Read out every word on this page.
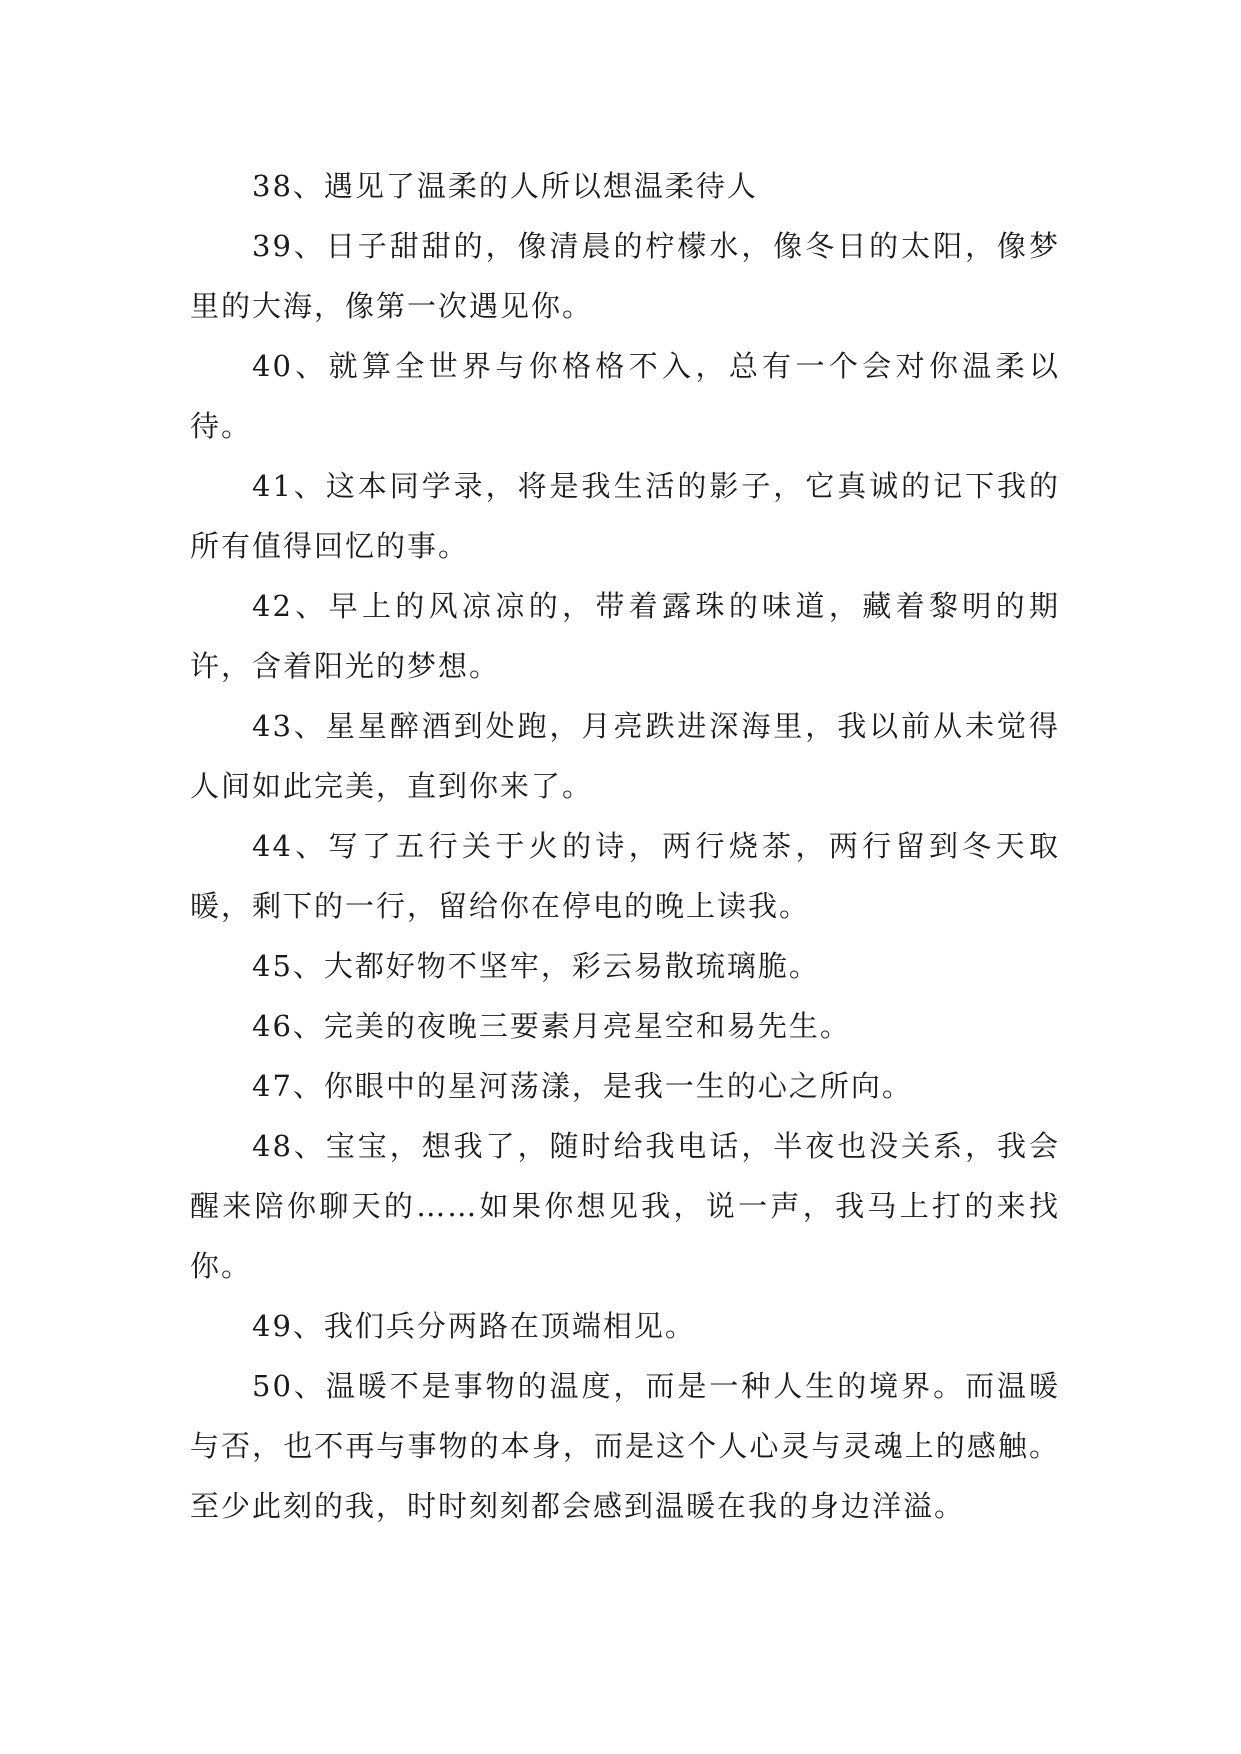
38、遇见了温柔的人所以想温柔待人

39、日子甜甜的，像清晨的柠檬水，像冬日的太阳，像梦里的大海，像第一次遇见你。

40、就算全世界与你格格不入，总有一个会对你温柔以待。

41、这本同学录，将是我生活的影子，它真诚的记下我的所有值得回忆的事。

42、早上的风凉凉的，带着露珠的味道，藏着黎明的期许，含着阳光的梦想。

43、星星醉酒到处跑，月亮跌进深海里，我以前从未觉得人间如此完美，直到你来了。

44、写了五行关于火的诗，两行烧茶，两行留到冬天取暖，剩下的一行，留给你在停电的晚上读我。

45、大都好物不坚牢，彩云易散琉璃脆。

46、完美的夜晚三要素月亮星空和易先生。

47、你眼中的星河荡漾，是我一生的心之所向。

48、宝宝，想我了，随时给我电话，半夜也没关系，我会醒来陪你聊天的……如果你想见我，说一声，我马上打的来找你。

49、我们兵分两路在顶端相见。

50、温暖不是事物的温度，而是一种人生的境界。而温暖与否，也不再与事物的本身，而是这个人心灵与灵魂上的感触。至少此刻的我，时时刻刻都会感到温暖在我的身边洋溢。
